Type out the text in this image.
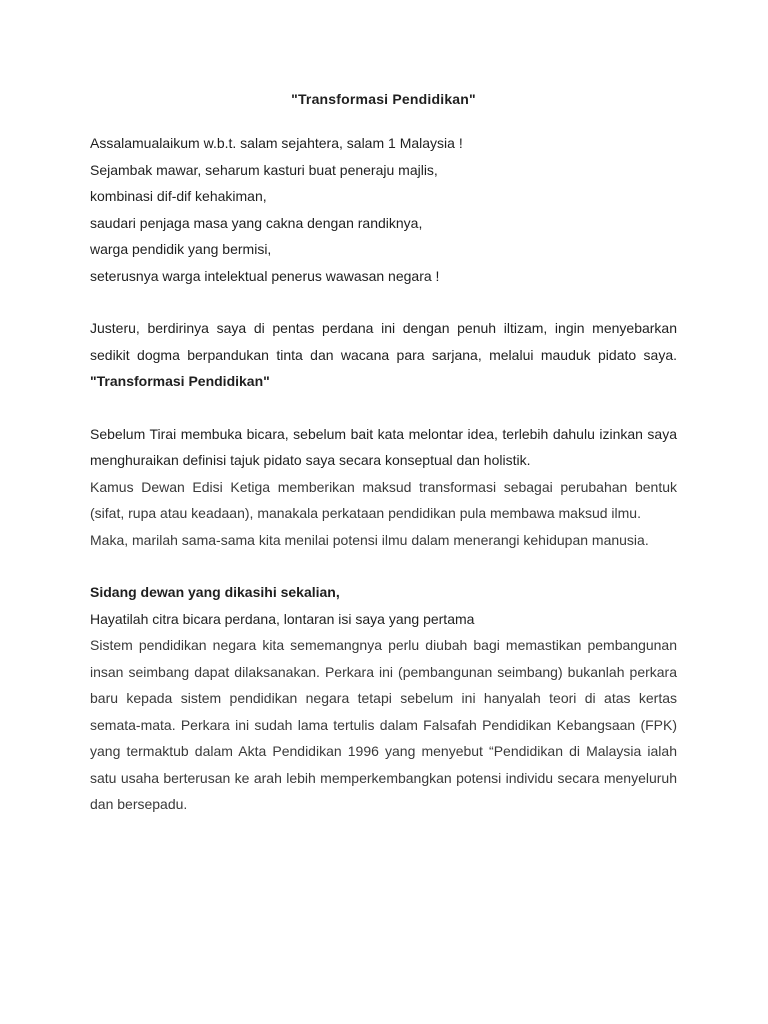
"Transformasi Pendidikan"

Assalamualaikum w.b.t. salam sejahtera, salam 1 Malaysia !

Sejambak mawar, seharum kasturi buat peneraju majlis,

kombinasi dif-dif kehakiman,

saudari penjaga masa yang cakna dengan randiknya,

warga pendidik yang bermisi,

seterusnya warga intelektual penerus wawasan negara !

Justeru, berdirinya saya di pentas perdana ini dengan penuh iltizam, ingin menyebarkan sedikit dogma berpandukan tinta dan wacana para sarjana, melalui mauduk pidato saya. "Transformasi Pendidikan"

Sebelum Tirai membuka bicara, sebelum bait kata melontar idea, terlebih dahulu izinkan saya menghuraikan definisi tajuk pidato saya secara konseptual dan holistik.

Kamus Dewan Edisi Ketiga memberikan maksud transformasi sebagai perubahan bentuk (sifat, rupa atau keadaan), manakala perkataan pendidikan pula membawa maksud ilmu.

Maka, marilah sama-sama kita menilai potensi ilmu dalam menerangi kehidupan manusia.

Sidang dewan yang dikasihi sekalian,

Hayatilah citra bicara perdana, lontaran isi saya yang pertama

Sistem pendidikan negara kita sememangnya perlu diubah bagi memastikan pembangunan insan seimbang dapat dilaksanakan. Perkara ini (pembangunan seimbang) bukanlah perkara baru kepada sistem pendidikan negara tetapi sebelum ini hanyalah teori di atas kertas semata-mata. Perkara ini sudah lama tertulis dalam Falsafah Pendidikan Kebangsaan (FPK) yang termaktub dalam Akta Pendidikan 1996 yang menyebut “Pendidikan di Malaysia ialah satu usaha berterusan ke arah lebih memperkembangkan potensi individu secara menyeluruh dan bersepadu.
